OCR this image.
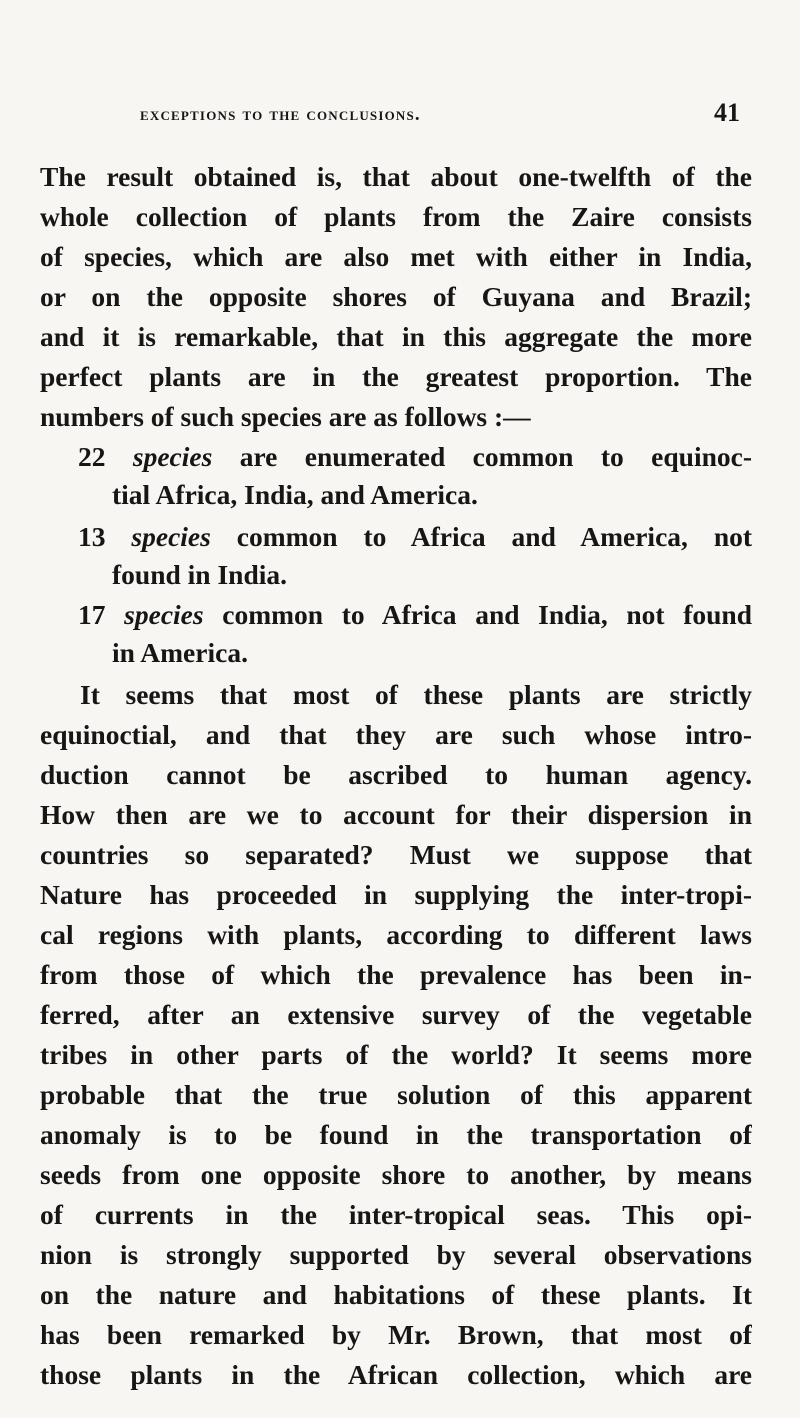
exceptions to the conclusions.	41
The result obtained is, that about one-twelfth of the
whole collection of plants from the Zaire consists
of species, which are also met with either in India,
or on the opposite shores of Guyana and Brazil;
and it is remarkable, that in this aggregate the more
perfect plants are in the greatest proportion. The
numbers of such species are as follows :—
22 species are enumerated common to equinoc-
tial Africa, India, and America.
13 species common to Africa and America, not
found in India.
17 species common to Africa and India, not found
in America.
It seems that most of these plants are strictly
equinoctial, and that they are such whose intro-
duction cannot be ascribed to human agency.
How then are we to account for their dispersion in
countries so separated? Must we suppose that
Nature has proceeded in supplying the inter-tropi-
cal regions with plants, according to different laws
from those of which the prevalence has been in-
ferred, after an extensive survey of the vegetable
tribes in other parts of the world? It seems more
probable that the true solution of this apparent
anomaly is to be found in the transportation of
seeds from one opposite shore to another, by means
of currents in the inter-tropical seas. This opi-
nion is strongly supported by several observations
on the nature and habitations of these plants. It
has been remarked by Mr. Brown, that most of
those plants in the African collection, which are
